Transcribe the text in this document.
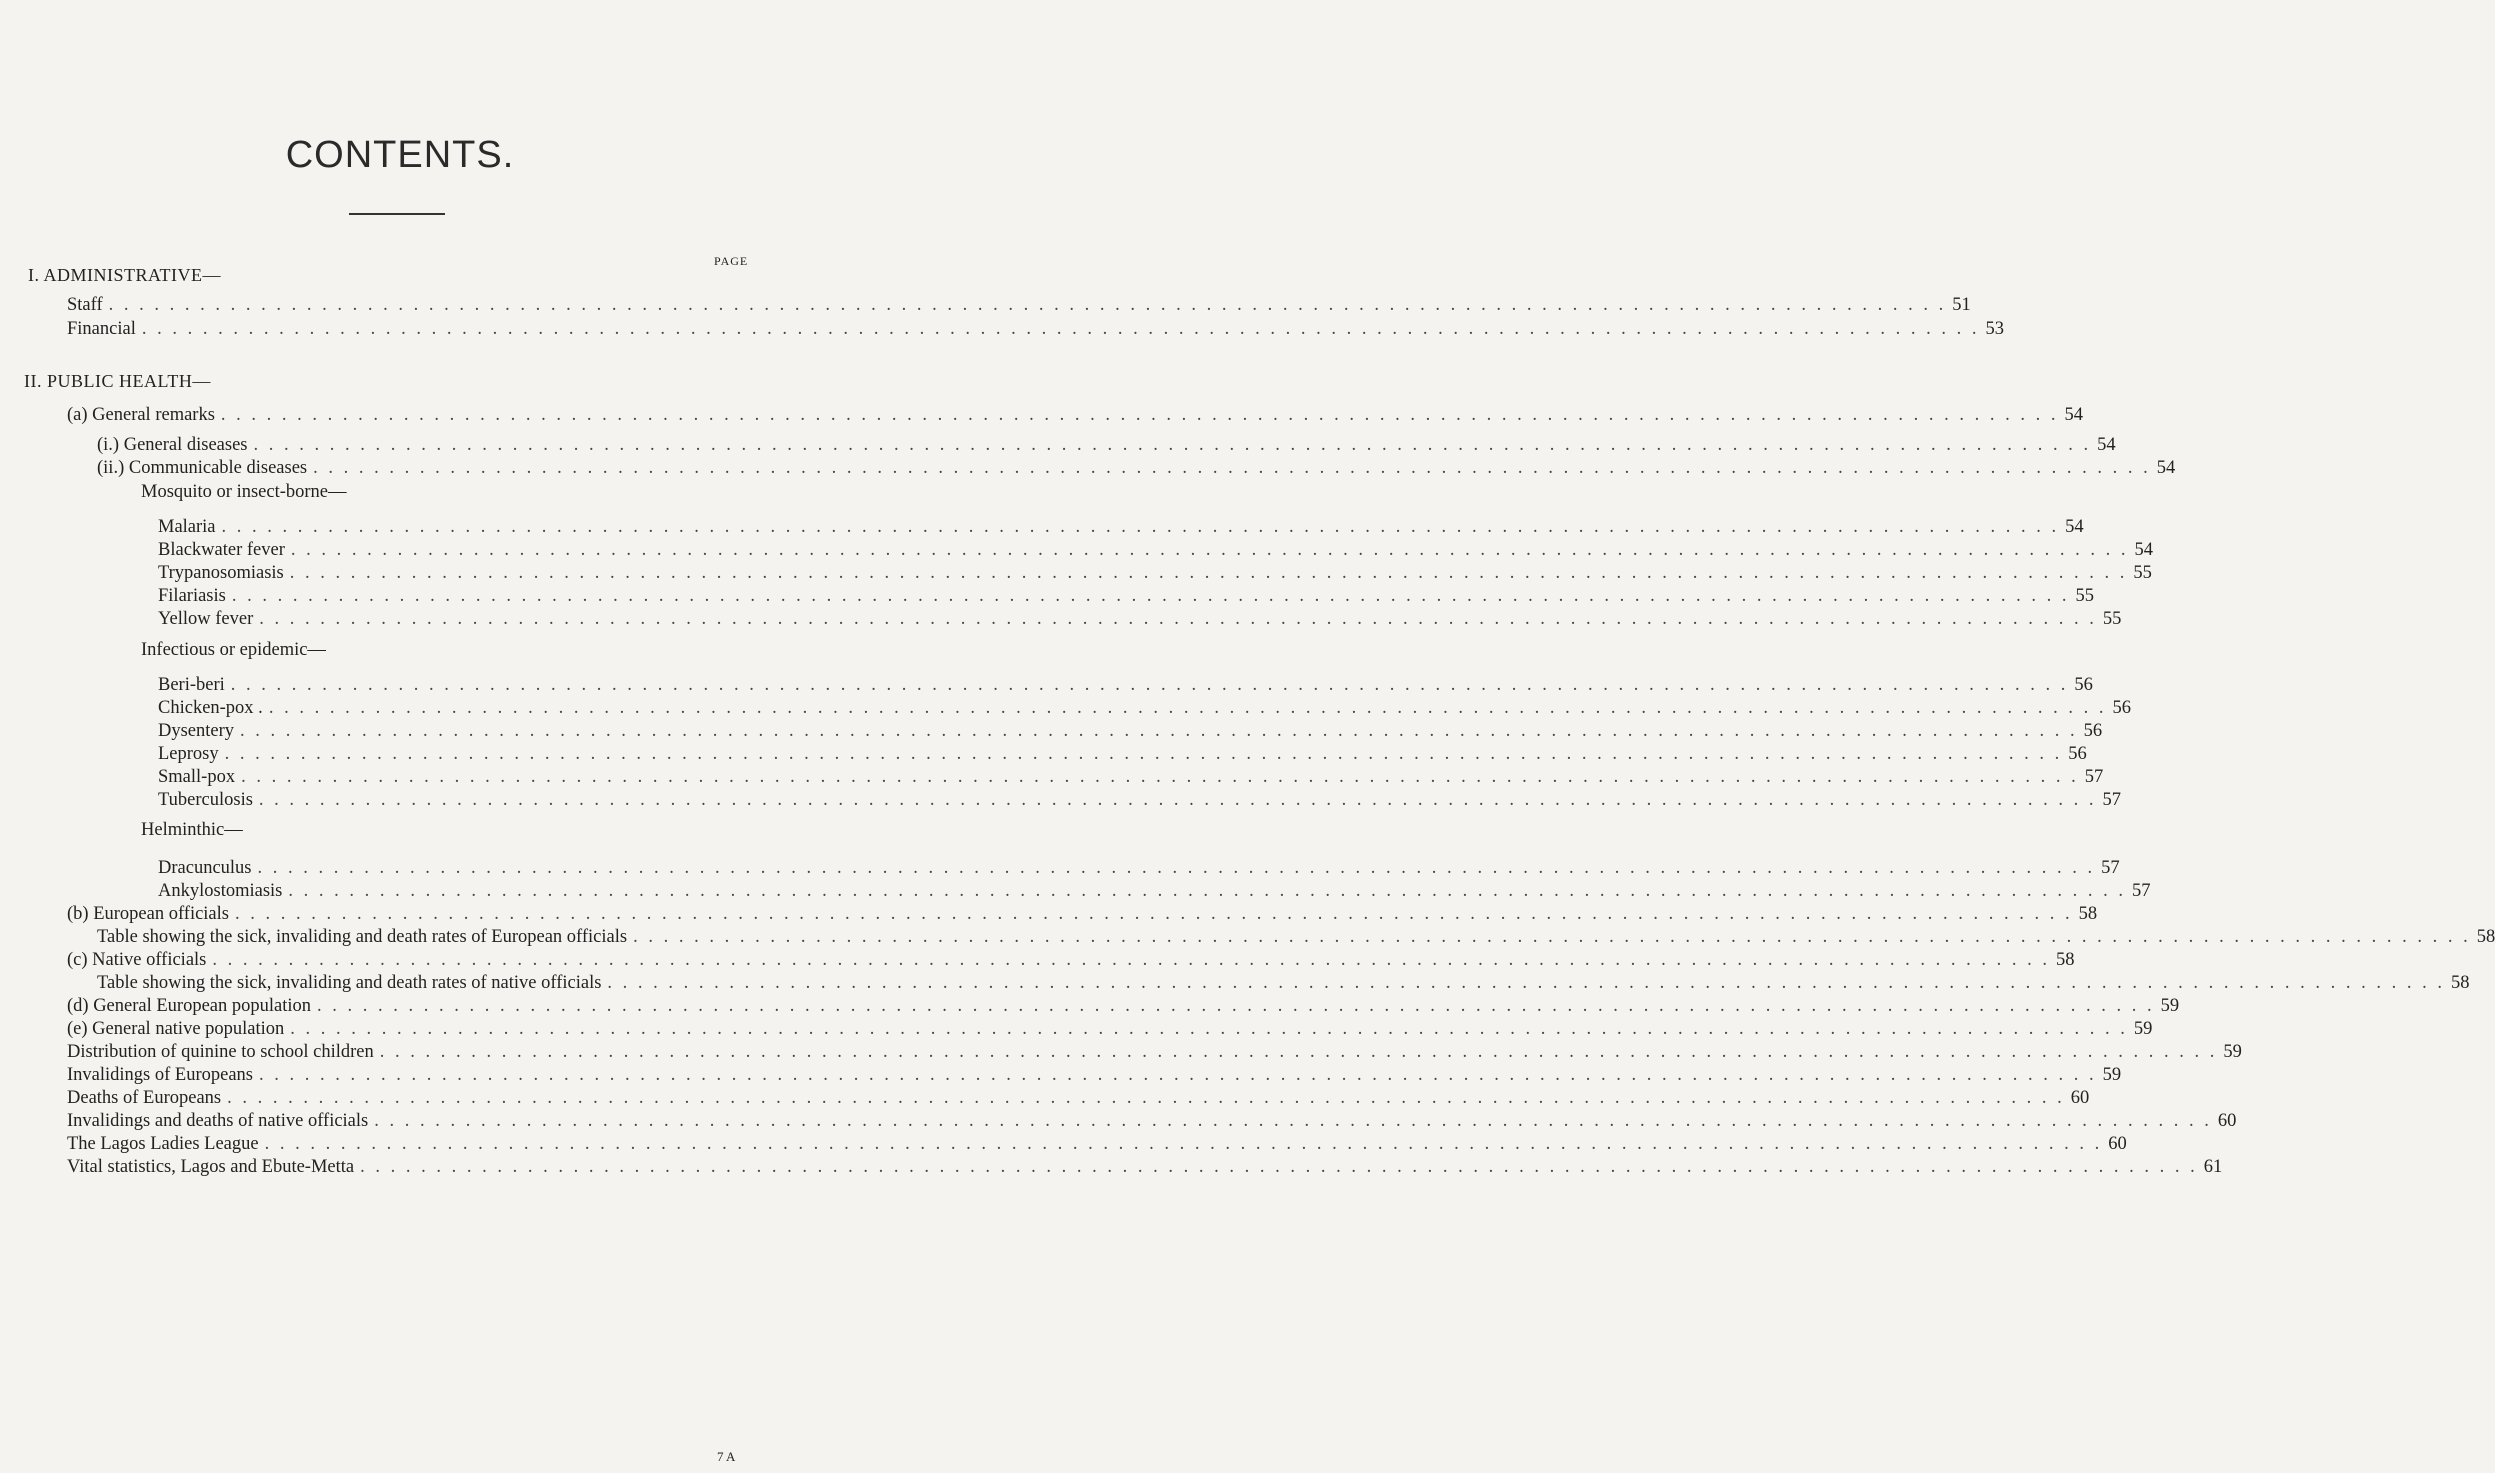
CONTENTS.
PAGE
I. ADMINISTRATIVE—
Staff . . . . . . . . . . . . . . . . . . . . . . . . . . . . . . . . . . . . . . . . . . . . . . . . . . . . . . . . . . . . . . . . . . . . . . . . . . . . . . . . . . . . . . . . . . . . . . . . . . . . . . . . . . . . . . . . . . . . . . . . . 51
Financial . . . . . . . . . . . . . . . . . . . . . . . . . . . . . . . . . . . . . . . . . . . . . . . . . . . . . . . . . . . . . . . . . . . . . . . . . . . . . . . . . . . . . . . . . . . . . . . . . . . . . . . . . . . . . . . . . . . . . . . . . 53
II. PUBLIC HEALTH—
(a) General remarks . . . . . . . . . . . . . . . . . . . . . . . . . . . . . . . . . . . . . . . . . . . . . . . . . . . . . . . . . . . . . . . . . . . . . . . . . . . . . . . . . . . . . . . . . . . . . . . . . . . . . . . . . . . . . . . . . . . . . . . . . 54
(i.) General diseases . . . . . . . . . . . . . . . . . . . . . . . . . . . . . . . . . . . . . . . . . . . . . . . . . . . . . . . . . . . . . . . . . . . . . . . . . . . . . . . . . . . . . . . . . . . . . . . . . . . . . . . . . . . . . . . . . . . . . . . . . 54
(ii.) Communicable diseases . . . . . . . . . . . . . . . . . . . . . . . . . . . . . . . . . . . . . . . . . . . . . . . . . . . . . . . . . . . . . . . . . . . . . . . . . . . . . . . . . . . . . . . . . . . . . . . . . . . . . . . . . . . . . . . . . . . . . . . . . 54
Mosquito or insect-borne—
Malaria . . . . . . . . . . . . . . . . . . . . . . . . . . . . . . . . . . . . . . . . . . . . . . . . . . . . . . . . . . . . . . . . . . . . . . . . . . . . . . . . . . . . . . . . . . . . . . . . . . . . . . . . . . . . . . . . . . . . . . . . . 54
Blackwater fever . . . . . . . . . . . . . . . . . . . . . . . . . . . . . . . . . . . . . . . . . . . . . . . . . . . . . . . . . . . . . . . . . . . . . . . . . . . . . . . . . . . . . . . . . . . . . . . . . . . . . . . . . . . . . . . . . . . . . . . . . 54
Trypanosomiasis . . . . . . . . . . . . . . . . . . . . . . . . . . . . . . . . . . . . . . . . . . . . . . . . . . . . . . . . . . . . . . . . . . . . . . . . . . . . . . . . . . . . . . . . . . . . . . . . . . . . . . . . . . . . . . . . . . . . . . . . . 55
Filariasis . . . . . . . . . . . . . . . . . . . . . . . . . . . . . . . . . . . . . . . . . . . . . . . . . . . . . . . . . . . . . . . . . . . . . . . . . . . . . . . . . . . . . . . . . . . . . . . . . . . . . . . . . . . . . . . . . . . . . . . . . 55
Yellow fever . . . . . . . . . . . . . . . . . . . . . . . . . . . . . . . . . . . . . . . . . . . . . . . . . . . . . . . . . . . . . . . . . . . . . . . . . . . . . . . . . . . . . . . . . . . . . . . . . . . . . . . . . . . . . . . . . . . . . . . . . 55
Infectious or epidemic—
Beri-beri . . . . . . . . . . . . . . . . . . . . . . . . . . . . . . . . . . . . . . . . . . . . . . . . . . . . . . . . . . . . . . . . . . . . . . . . . . . . . . . . . . . . . . . . . . . . . . . . . . . . . . . . . . . . . . . . . . . . . . . . . 56
Chicken-pox . . . . . . . . . . . . . . . . . . . . . . . . . . . . . . . . . . . . . . . . . . . . . . . . . . . . . . . . . . . . . . . . . . . . . . . . . . . . . . . . . . . . . . . . . . . . . . . . . . . . . . . . . . . . . . . . . . . . . . . . . . 56
Dysentery . . . . . . . . . . . . . . . . . . . . . . . . . . . . . . . . . . . . . . . . . . . . . . . . . . . . . . . . . . . . . . . . . . . . . . . . . . . . . . . . . . . . . . . . . . . . . . . . . . . . . . . . . . . . . . . . . . . . . . . . . 56
Leprosy . . . . . . . . . . . . . . . . . . . . . . . . . . . . . . . . . . . . . . . . . . . . . . . . . . . . . . . . . . . . . . . . . . . . . . . . . . . . . . . . . . . . . . . . . . . . . . . . . . . . . . . . . . . . . . . . . . . . . . . . . 56
Small-pox . . . . . . . . . . . . . . . . . . . . . . . . . . . . . . . . . . . . . . . . . . . . . . . . . . . . . . . . . . . . . . . . . . . . . . . . . . . . . . . . . . . . . . . . . . . . . . . . . . . . . . . . . . . . . . . . . . . . . . . . . 57
Tuberculosis . . . . . . . . . . . . . . . . . . . . . . . . . . . . . . . . . . . . . . . . . . . . . . . . . . . . . . . . . . . . . . . . . . . . . . . . . . . . . . . . . . . . . . . . . . . . . . . . . . . . . . . . . . . . . . . . . . . . . . . . . 57
Helminthic—
Dracunculus . . . . . . . . . . . . . . . . . . . . . . . . . . . . . . . . . . . . . . . . . . . . . . . . . . . . . . . . . . . . . . . . . . . . . . . . . . . . . . . . . . . . . . . . . . . . . . . . . . . . . . . . . . . . . . . . . . . . . . . . . 57
Ankylostomiasis . . . . . . . . . . . . . . . . . . . . . . . . . . . . . . . . . . . . . . . . . . . . . . . . . . . . . . . . . . . . . . . . . . . . . . . . . . . . . . . . . . . . . . . . . . . . . . . . . . . . . . . . . . . . . . . . . . . . . . . . . 57
(b) European officials . . . . . . . . . . . . . . . . . . . . . . . . . . . . . . . . . . . . . . . . . . . . . . . . . . . . . . . . . . . . . . . . . . . . . . . . . . . . . . . . . . . . . . . . . . . . . . . . . . . . . . . . . . . . . . . . . . . . . . . . . 58
Table showing the sick, invaliding and death rates of European officials . . . . . . . . . . . . . . . . . . . . . . . . . . . . . . . . . . . . . . . . . . . . . . . . . . . . . . . . . . . . . . . . . . . . . . . . . . . . . . . . . . . . . . . . . . . . . . . . . . . . . . . . . . . . . . . . . . . . . . . . . 58
(c) Native officials . . . . . . . . . . . . . . . . . . . . . . . . . . . . . . . . . . . . . . . . . . . . . . . . . . . . . . . . . . . . . . . . . . . . . . . . . . . . . . . . . . . . . . . . . . . . . . . . . . . . . . . . . . . . . . . . . . . . . . . . . 58
Table showing the sick, invaliding and death rates of native officials . . . . . . . . . . . . . . . . . . . . . . . . . . . . . . . . . . . . . . . . . . . . . . . . . . . . . . . . . . . . . . . . . . . . . . . . . . . . . . . . . . . . . . . . . . . . . . . . . . . . . . . . . . . . . . . . . . . . . . . . . 58
(d) General European population . . . . . . . . . . . . . . . . . . . . . . . . . . . . . . . . . . . . . . . . . . . . . . . . . . . . . . . . . . . . . . . . . . . . . . . . . . . . . . . . . . . . . . . . . . . . . . . . . . . . . . . . . . . . . . . . . . . . . . . . . 59
(e) General native population . . . . . . . . . . . . . . . . . . . . . . . . . . . . . . . . . . . . . . . . . . . . . . . . . . . . . . . . . . . . . . . . . . . . . . . . . . . . . . . . . . . . . . . . . . . . . . . . . . . . . . . . . . . . . . . . . . . . . . . . . 59
Distribution of quinine to school children . . . . . . . . . . . . . . . . . . . . . . . . . . . . . . . . . . . . . . . . . . . . . . . . . . . . . . . . . . . . . . . . . . . . . . . . . . . . . . . . . . . . . . . . . . . . . . . . . . . . . . . . . . . . . . . . . . . . . . . . . 59
Invalidings of Europeans . . . . . . . . . . . . . . . . . . . . . . . . . . . . . . . . . . . . . . . . . . . . . . . . . . . . . . . . . . . . . . . . . . . . . . . . . . . . . . . . . . . . . . . . . . . . . . . . . . . . . . . . . . . . . . . . . . . . . . . . . 59
Deaths of Europeans . . . . . . . . . . . . . . . . . . . . . . . . . . . . . . . . . . . . . . . . . . . . . . . . . . . . . . . . . . . . . . . . . . . . . . . . . . . . . . . . . . . . . . . . . . . . . . . . . . . . . . . . . . . . . . . . . . . . . . . . . 60
Invalidings and deaths of native officials . . . . . . . . . . . . . . . . . . . . . . . . . . . . . . . . . . . . . . . . . . . . . . . . . . . . . . . . . . . . . . . . . . . . . . . . . . . . . . . . . . . . . . . . . . . . . . . . . . . . . . . . . . . . . . . . . . . . . . . . . 60
The Lagos Ladies League . . . . . . . . . . . . . . . . . . . . . . . . . . . . . . . . . . . . . . . . . . . . . . . . . . . . . . . . . . . . . . . . . . . . . . . . . . . . . . . . . . . . . . . . . . . . . . . . . . . . . . . . . . . . . . . . . . . . . . . . . 60
Vital statistics, Lagos and Ebute-Metta . . . . . . . . . . . . . . . . . . . . . . . . . . . . . . . . . . . . . . . . . . . . . . . . . . . . . . . . . . . . . . . . . . . . . . . . . . . . . . . . . . . . . . . . . . . . . . . . . . . . . . . . . . . . . . . . . . . . . . . . . 61
7 A
